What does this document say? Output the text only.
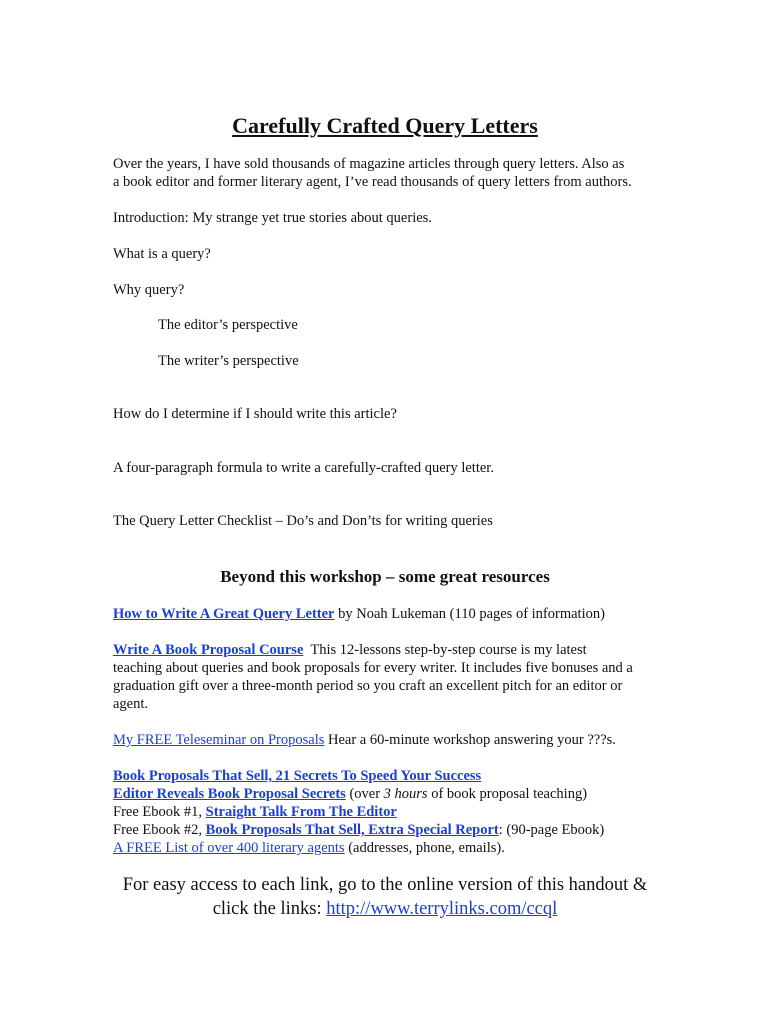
Carefully Crafted Query Letters
Over the years, I have sold thousands of magazine articles through query letters. Also as
a book editor and former literary agent, I’ve read thousands of query letters from authors.
Introduction: My strange yet true stories about queries.
What is a query?
Why query?
The editor’s perspective
The writer’s perspective
How do I determine if I should write this article?
A four-paragraph formula to write a carefully-crafted query letter.
The Query Letter Checklist – Do’s and Don’ts for writing queries
Beyond this workshop – some great resources
How to Write A Great Query Letter by Noah Lukeman (110 pages of information)
Write A Book Proposal Course  This 12-lessons step-by-step course is my latest
teaching about queries and book proposals for every writer. It includes five bonuses and a
graduation gift over a three-month period so you craft an excellent pitch for an editor or
agent.
My FREE Teleseminar on Proposals Hear a 60-minute workshop answering your ???s.
Book Proposals That Sell, 21 Secrets To Speed Your Success
Editor Reveals Book Proposal Secrets (over 3 hours of book proposal teaching)
Free Ebook #1, Straight Talk From The Editor
Free Ebook #2, Book Proposals That Sell, Extra Special Report: (90-page Ebook)
A FREE List of over 400 literary agents (addresses, phone, emails).
For easy access to each link, go to the online version of this handout &
click the links: http://www.terrylinks.com/ccql
